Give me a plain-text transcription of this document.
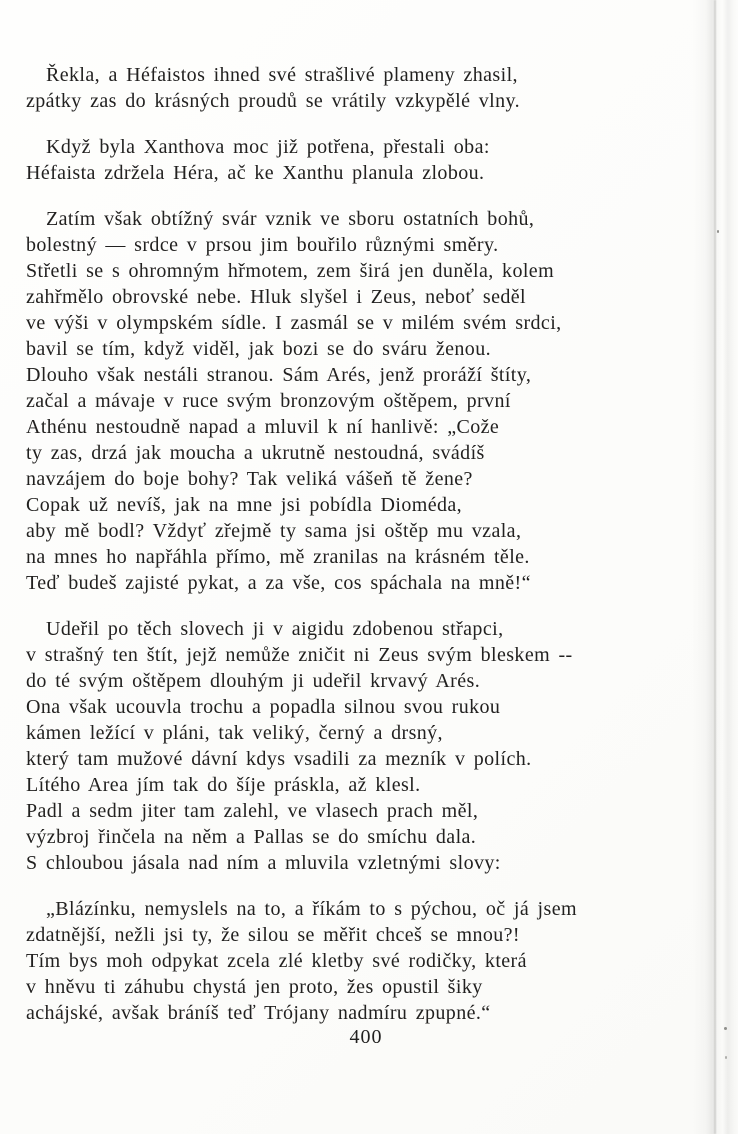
Řekla, a Héfaistos ihned své strašlivé plameny zhasil,
zpátky zas do krásných proudů se vrátily vzkypělé vlny.
Když byla Xanthova moc již potřena, přestali oba:
Héfaista zdržela Héra, ač ke Xanthu planula zlobou.
Zatím však obtížný svár vznik ve sboru ostatních bohů,
bolestný — srdce v prsou jim bouřilo různými směry.
Střetli se s ohromným hřmotem, zem širá jen duněla, kolem
zahřmělo obrovské nebe. Hluk slyšel i Zeus, neboť seděl
ve výši v olympském sídle. I zasmál se v milém svém srdci,
bavil se tím, když viděl, jak bozi se do sváru ženou.
Dlouho však nestáli stranou. Sám Arés, jenž proráží štíty,
začal a mávaje v ruce svým bronzovým oštěpem, první
Athénu nestoudně napad a mluvil k ní hanlivě: „Cože
ty zas, drzá jak moucha a ukrutně nestoudná, svádíš
navzájem do boje bohy? Tak veliká vášeň tě žene?
Copak už nevíš, jak na mne jsi pobídla Dioméda,
aby mě bodl? Vždyť zřejmě ty sama jsi oštěp mu vzala,
na mnes ho napřáhla přímo, mě zranilas na krásném těle.
Teď budeš zajisté pykat, a za vše, cos spáchala na mně!“
Udeřil po těch slovech ji v aigidu zdobenou střapci,
v strašný ten štít, jejž nemůže zničit ni Zeus svým bleskem --
do té svým oštěpem dlouhým ji udeřil krvavý Arés.
Ona však ucouvla trochu a popadla silnou svou rukou
kámen ležící v pláni, tak veliký, černý a drsný,
který tam mužové dávní kdys vsadili za mezník v polích.
Lítého Area jím tak do šíje práskla, až klesl.
Padl a sedm jiter tam zalehl, ve vlasech prach měl,
výzbroj řinčela na něm a Pallas se do smíchu dala.
S chloubou jásala nad ním a mluvila vzletnými slovy:
„Blázínku, nemyslels na to, a říkám to s pýchou, oč já jsem
zdatnější, nežli jsi ty, že silou se měřit chceš se mnou?!
Tím bys moh odpykat zcela zlé kletby své rodičky, která
v hněvu ti záhubu chystá jen proto, žes opustil šiky
achájské, avšak bráníš teď Trójany nadmíru zpupné.“
400
